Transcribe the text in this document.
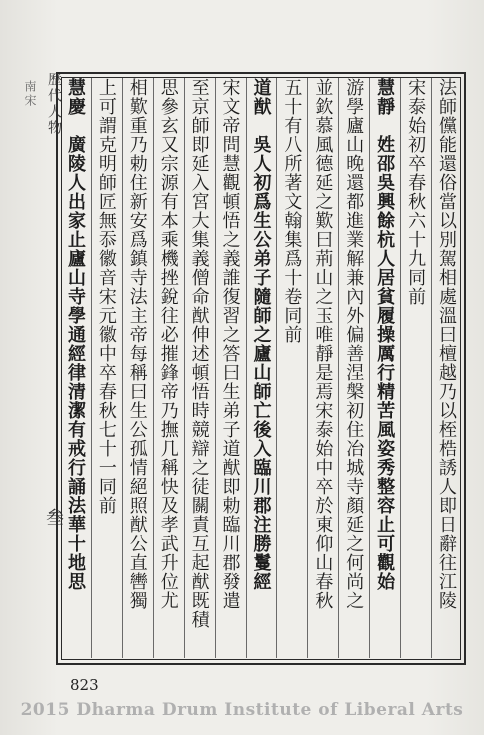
南宋 歷代人物
叁	法師儻能還俗當以別駕相處溫曰檀越乃以桎梏誘人即日辭往江陵
宋泰始初卒春秋六十九同前
慧靜　姓邵吳興餘杭人居貧履操厲行精苦風姿秀整容止可觀始
游學廬山晚還都進業解兼內外偏善涅槃初住冶城寺顏延之何尚之
並欽慕風德延之歎曰荊山之玉唯靜是焉宋泰始中卒於東仰山春秋
五十有八所著文翰集爲十卷同前
道猷　吳人初爲生公弟子隨師之廬山師亡後入臨川郡注勝鬘經
宋文帝問慧觀頓悟之義誰復習之答曰生弟子道猷即勅臨川郡發遣
至京師即延入宮大集義僧命猷伸述頓悟時競辯之徒關責互起猷既積
思參玄又宗源有本乘機挫銳往必摧鋒帝乃撫几稱快及孝武升位尤
相歎重乃勅住新安爲鎮寺法主帝每稱曰生公孤情絕照猷公直轡獨
上可謂克明師匠無忝徽音宋元徽中卒春秋七十一同前
慧慶　廣陵人出家止廬山寺學通經律清潔有戒行誦法華十地思
823
2015 Dharma Drum Institute of Liberal Arts
